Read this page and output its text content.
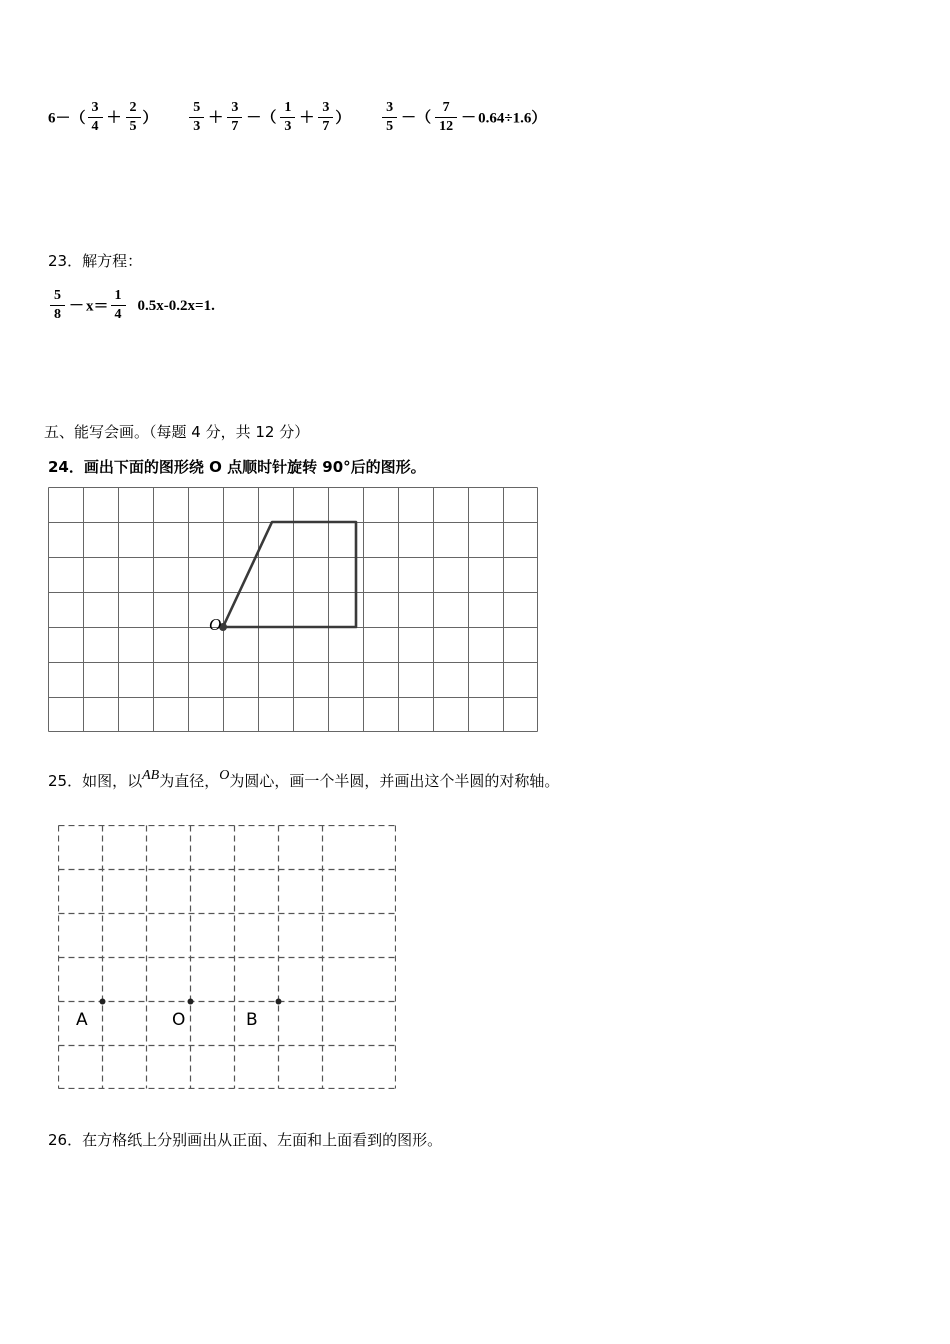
$6-( \frac{3}{4} + \frac{2}{5}$ ） $\frac{5}{3} + \frac{3}{7}$ －（ $\frac{1}{3} + \frac{3}{7}$ ） $\frac{3}{5}$ －（ $\frac{7}{12} - 0.64\div 1.6$）
23．解方程：
$\frac{5}{8} - x= \frac{1}{4}$ 0.5x‑0.2x=1.
五、能写会画。（每题 4 分，共 12 分）
24．画出下面的图形绕 O 点顺时针旋转 90°后的图形。
O
25．如图，以AB为直径，O为圆心，画一个半圆，并画出这个半圆的对称轴。
A	O	B
26．在方格纸上分别画出从正面、左面和上面看到的图形。
